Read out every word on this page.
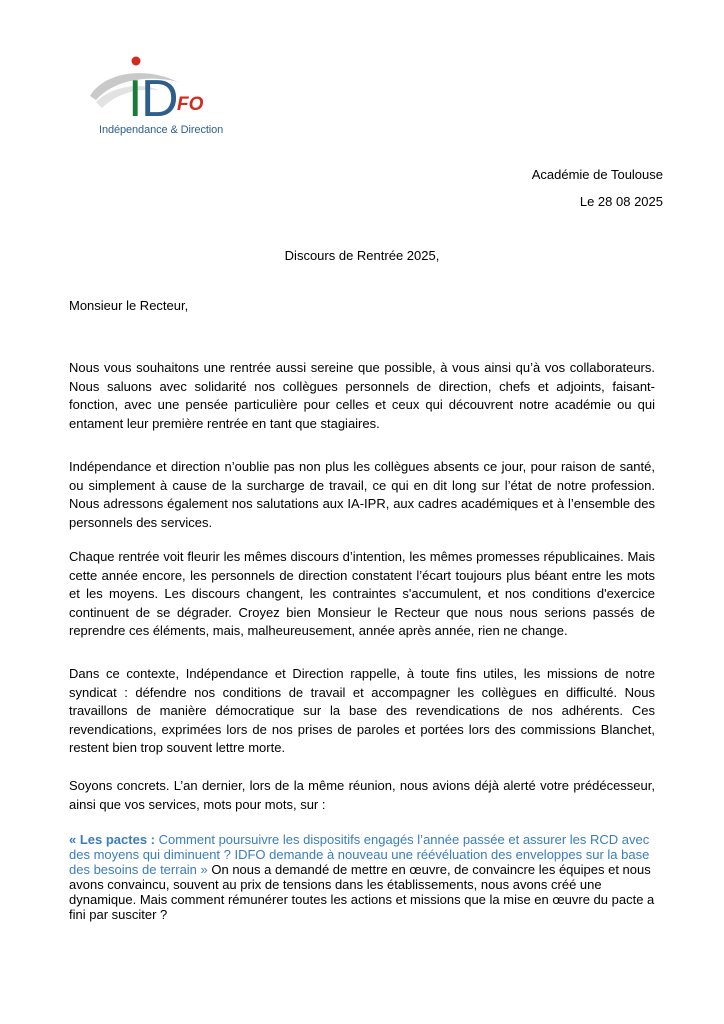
I
D
FO
Indépendance & Direction
Académie de Toulouse
Le 28 08 2025
Discours de Rentrée 2025,
Monsieur le Recteur,

Nous vous souhaitons une rentrée aussi sereine que possible, à vous ainsi qu’à vos collaborateurs. Nous saluons avec solidarité nos collègues personnels de direction, chefs et adjoints, faisant-fonction, avec une pensée particulière pour celles et ceux qui découvrent notre académie ou qui entament leur première rentrée en tant que stagiaires.

Indépendance et direction n’oublie pas non plus les collègues absents ce jour, pour raison de santé, ou simplement à cause de la surcharge de travail, ce qui en dit long sur l’état de notre profession. Nous adressons également nos salutations aux IA-IPR, aux cadres académiques et à l’ensemble des personnels des services.

Chaque rentrée voit fleurir les mêmes discours d’intention, les mêmes promesses républicaines. Mais cette année encore, les personnels de direction constatent l’écart toujours plus béant entre les mots et les moyens. Les discours changent, les contraintes s'accumulent, et nos conditions d'exercice continuent de se dégrader. Croyez bien Monsieur le Recteur que nous nous serions passés de reprendre ces éléments, mais, malheureusement, année après année, rien ne change.

Dans ce contexte, Indépendance et Direction rappelle, à toute fins utiles, les missions de notre syndicat : défendre nos conditions de travail et accompagner les collègues en difficulté. Nous travaillons de manière démocratique sur la base des revendications de nos adhérents. Ces revendications, exprimées lors de nos prises de paroles et portées lors des commissions Blanchet, restent bien trop souvent lettre morte.

Soyons concrets. L’an dernier, lors de la même réunion, nous avions déjà alerté votre prédécesseur, ainsi que vos services, mots pour mots, sur :

« Les pactes : Comment poursuivre les dispositifs engagés l’année passée et assurer les RCD avec des moyens qui diminuent ? IDFO demande à nouveau une réévéluation des enveloppes sur la base des besoins de terrain » On nous a demandé de mettre en œuvre, de convaincre les équipes et nous avons convaincu, souvent au prix de tensions dans les établissements, nous avons créé une dynamique. Mais comment rémunérer toutes les actions et missions que la mise en œuvre du pacte a fini par susciter ?
